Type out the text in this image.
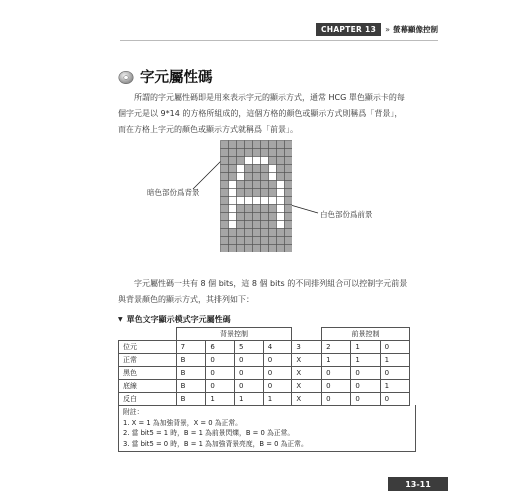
CHAPTER 13	» 螢幕顯像控制
字元屬性碼

所謂的字元屬性碼即是用來表示字元的顯示方式，通常 HCG 單色顯示卡的每個字元是以 9*14 的方格所組成的，這個方格的顏色或顯示方式則稱爲「背景」，而在方格上字元的顏色或顯示方式就稱爲「前景」。

暗色部份爲背景
白色部份爲前景

字元屬性碼一共有 8 個 bits，這 8 個 bits 的不同排列組合可以控制字元前景與背景顏色的顯示方式，其排列如下：

▼ 單色文字顯示模式字元屬性碼
	背景控制					前景控制		
位元	7	6	5	4	3	2	1	0
正常	B	0	0	0	X	1	1	1
黑色	B	0	0	0	X	0	0	0
底線	B	0	0	0	X	0	0	1
反白	B	1	1	1	X	0	0	0
附註：
1. X = 1 為加強背景，X = 0 為正常。
2. 當 bit5 = 1 時，B = 1 為前景閃爍，B = 0 為正常。
3. 當 bit5 = 0 時，B = 1 為加強背景亮度，B = 0 為正常。
13-11
